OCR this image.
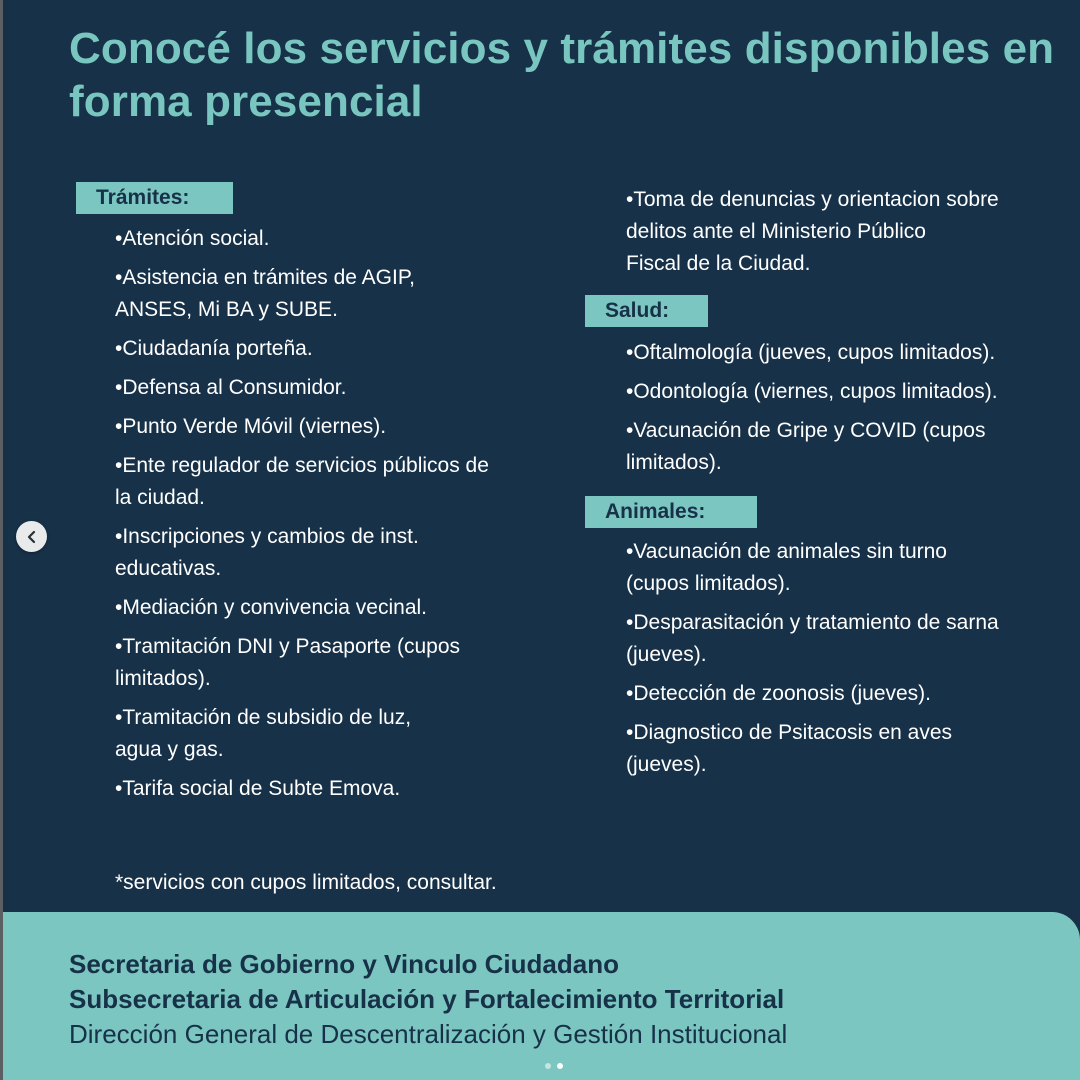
Conocé los servicios y trámites disponibles en forma presencial
Trámites:
•Atención social.
•Asistencia en trámites de AGIP,
ANSES, Mi BA y SUBE.
•Ciudadanía porteña.
•Defensa al Consumidor.
•Punto Verde Móvil (viernes).
•Ente regulador de servicios públicos de
la ciudad.
•Inscripciones y cambios de inst.
educativas.
•Mediación y convivencia vecinal.
•Tramitación DNI y Pasaporte (cupos
limitados).
•Tramitación de subsidio de luz,
agua y gas.
•Tarifa social de Subte Emova.
*servicios con cupos limitados, consultar.
•Toma de denuncias y orientacion sobre
delitos ante el Ministerio Público
Fiscal de la Ciudad.
Salud:
•Oftalmología (jueves, cupos limitados).
•Odontología (viernes, cupos limitados).
•Vacunación de Gripe y COVID (cupos
limitados).
Animales:
•Vacunación de animales sin turno
(cupos limitados).
•Desparasitación y tratamiento de sarna
(jueves).
•Detección de zoonosis (jueves).
•Diagnostico de Psitacosis en aves
(jueves).
Secretaria de Gobierno y Vinculo Ciudadano
Subsecretaria de Articulación y Fortalecimiento Territorial
Dirección General de Descentralización y Gestión Institucional
